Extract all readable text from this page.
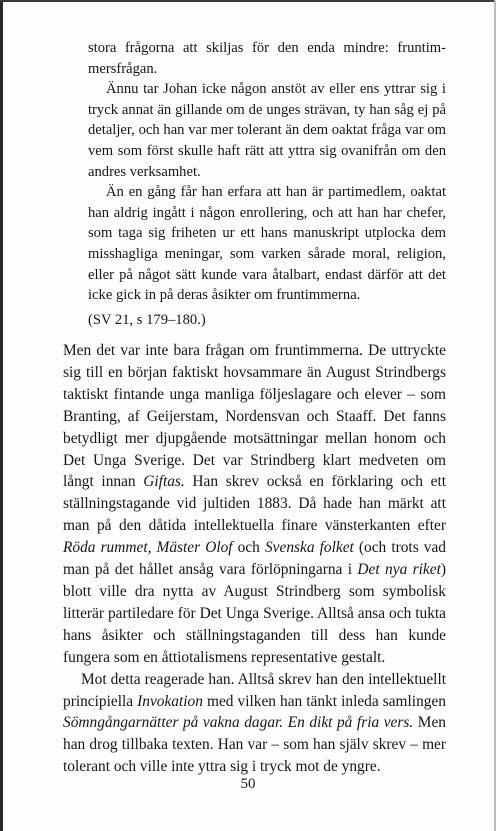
stora frågorna att skiljas för den enda mindre: fruntimmersfrågan.

Ännu tar Johan icke någon anstöt av eller ens yttrar sig i tryck annat än gillande om de unges strävan, ty han såg ej på detaljer, och han var mer tolerant än dem oaktat fråga var om vem som först skulle haft rätt att yttra sig ovanifrån om den andres verksamhet.

Än en gång får han erfara att han är partimedlem, oaktat han aldrig ingått i någon enrollering, och att han har chefer, som taga sig friheten ur ett hans manuskript utplocka dem misshagliga meningar, som varken sårade moral, religion, eller på något sätt kunde vara åtalbart, endast därför att det icke gick in på deras åsikter om fruntimmerna.

(SV 21, s 179–180.)

Men det var inte bara frågan om fruntimmerna. De uttryckte sig till en början faktiskt hovsammare än August Strindbergs taktiskt fintande unga manliga följeslagare och elever – som Branting, af Geijerstam, Nordensvan och Staaff. Det fanns betydligt mer djupgående motsättningar mellan honom och Det Unga Sverige. Det var Strindberg klart medveten om långt innan Giftas. Han skrev också en förklaring och ett ställningstagande vid jultiden 1883. Då hade han märkt att man på den dåtida intellektuella finare vänsterkanten efter Röda rummet, Mäster Olof och Svenska folket (och trots vad man på det hållet ansåg vara förlöpningarna i Det nya riket) blott ville dra nytta av August Strindberg som symbolisk litterär partiledare för Det Unga Sverige. Alltså ansa och tukta hans åsikter och ställningstaganden till dess han kunde fungera som en åttiotalismens representative gestalt.

Mot detta reagerade han. Alltså skrev han den intellektuellt principiella Invokation med vilken han tänkt inleda samlingen Sömngångarnätter på vakna dagar. En dikt på fria vers. Men han drog tillbaka texten. Han var – som han själv skrev – mer tolerant och ville inte yttra sig i tryck mot de yngre.

50
